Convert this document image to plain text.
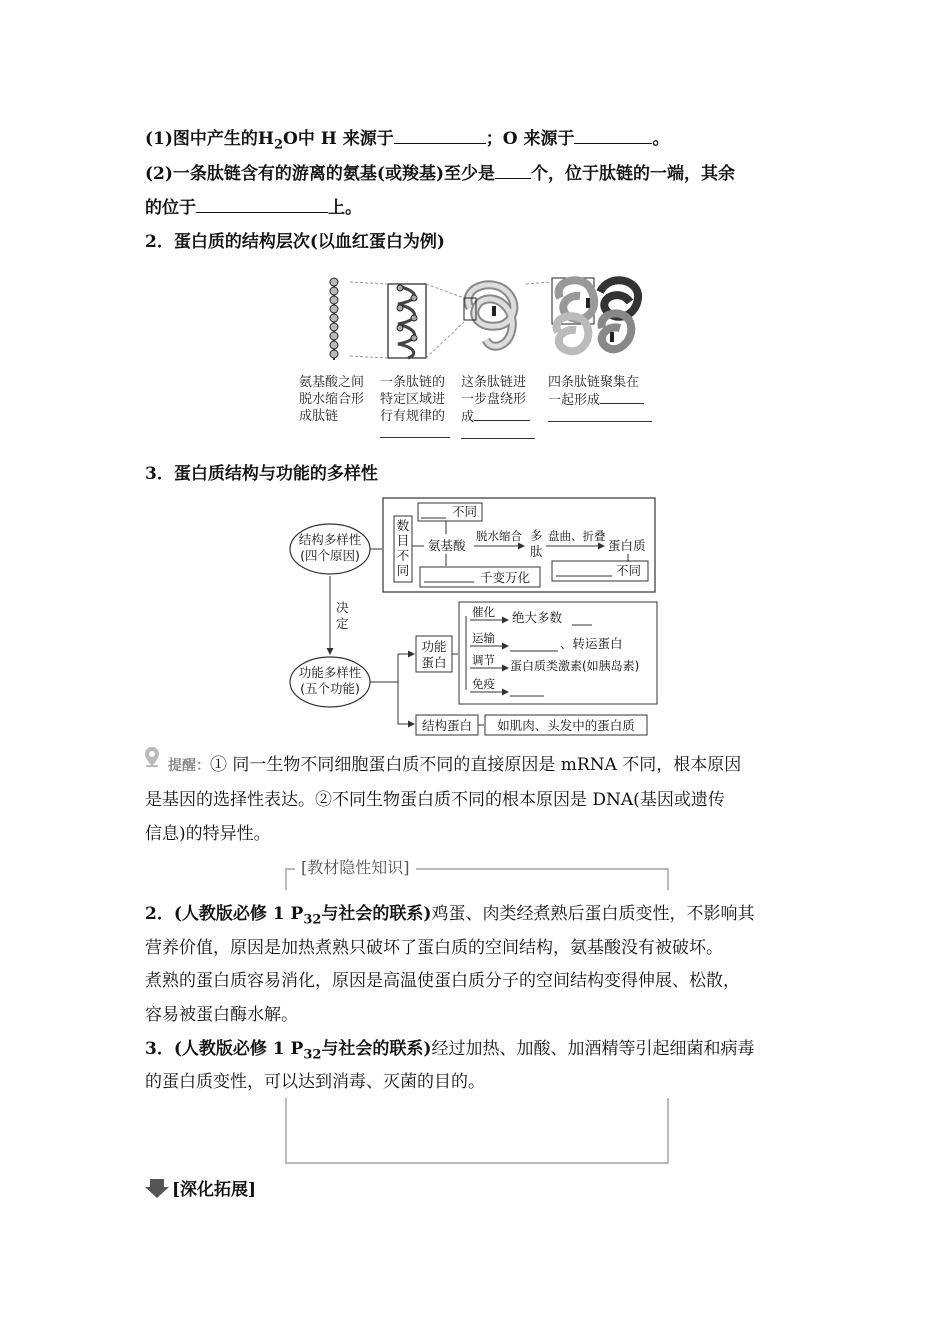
(1)图中产生的$H_2O$中 H 来源于	；O 来源于	。
(2)一条肽链含有的游离的氨基(或羧基)至少是 个，位于肽链的一端，其余
的位于	上。
2．蛋白质的结构层次(以血红蛋白为例)
氨基酸之间
脱水缩合形
成肽链
一条肽链的
特定区域进
行有规律的
这条肽链进
一步盘绕形
成
四条肽链聚集在
一起形成
3．蛋白质结构与功能的多样性
结构多样性
(四个原因)
数
目
不
同
不同
氨基酸
千变万化
脱水缩合 多
肽
盘曲、折叠
蛋白质
不同
决
定
功能多样性
(五个功能)
功能
蛋白
催化 绝大多数
运输	、转运蛋白
调节 蛋白质类激素(如胰岛素)
免疫
结构蛋白 如肌肉、头发中的蛋白质
提醒：① 同一生物不同细胞蛋白质不同的直接原因是 mRNA 不同，根本原因
是基因的选择性表达。②不同生物蛋白质不同的根本原因是 DNA(基因或遗传
信息)的特异性。
[教材隐性知识]
2．(人教版必修 1 $P_{32}$与社会的联系)鸡蛋、肉类经煮熟后蛋白质变性，不影响其
营养价值，原因是加热煮熟只破坏了蛋白质的空间结构，氨基酸没有被破坏。
煮熟的蛋白质容易消化，原因是高温使蛋白质分子的空间结构变得伸展、松散，
容易被蛋白酶水解。
3．(人教版必修 1 $P_{32}$与社会的联系)经过加热、加酸、加酒精等引起细菌和病毒
的蛋白质变性，可以达到消毒、灭菌的目的。
[深化拓展]
